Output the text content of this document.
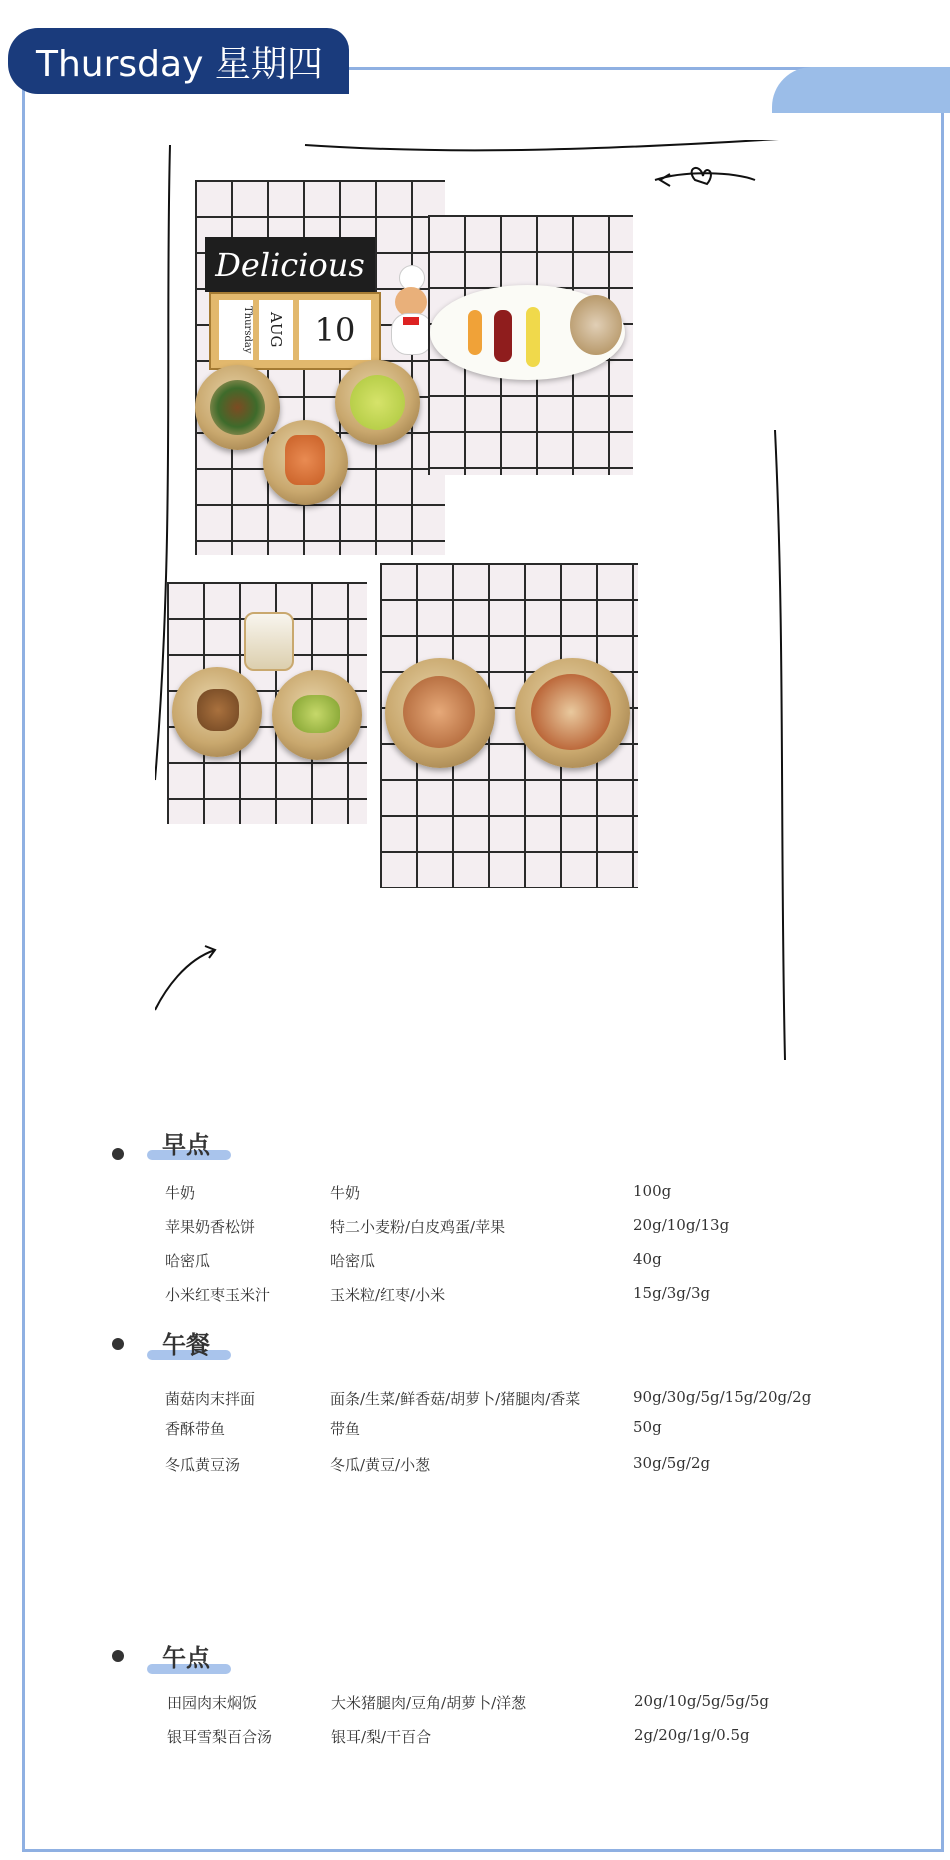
Thursday 星期四
Delicious
Thursday AUG 10
早点
牛奶	牛奶	100g
苹果奶香松饼	特二小麦粉/白皮鸡蛋/苹果	20g/10g/13g
哈密瓜	哈密瓜	40g
小米红枣玉米汁	玉米粒/红枣/小米	15g/3g/3g
午餐
菌菇肉末拌面	面条/生菜/鲜香菇/胡萝卜/猪腿肉/香菜	90g/30g/5g/15g/20g/2g
香酥带鱼	带鱼	50g
冬瓜黄豆汤	冬瓜/黄豆/小葱	30g/5g/2g
午点
田园肉末焖饭	大米猪腿肉/豆角/胡萝卜/洋葱	20g/10g/5g/5g/5g
银耳雪梨百合汤	银耳/梨/干百合	2g/20g/1g/0.5g
